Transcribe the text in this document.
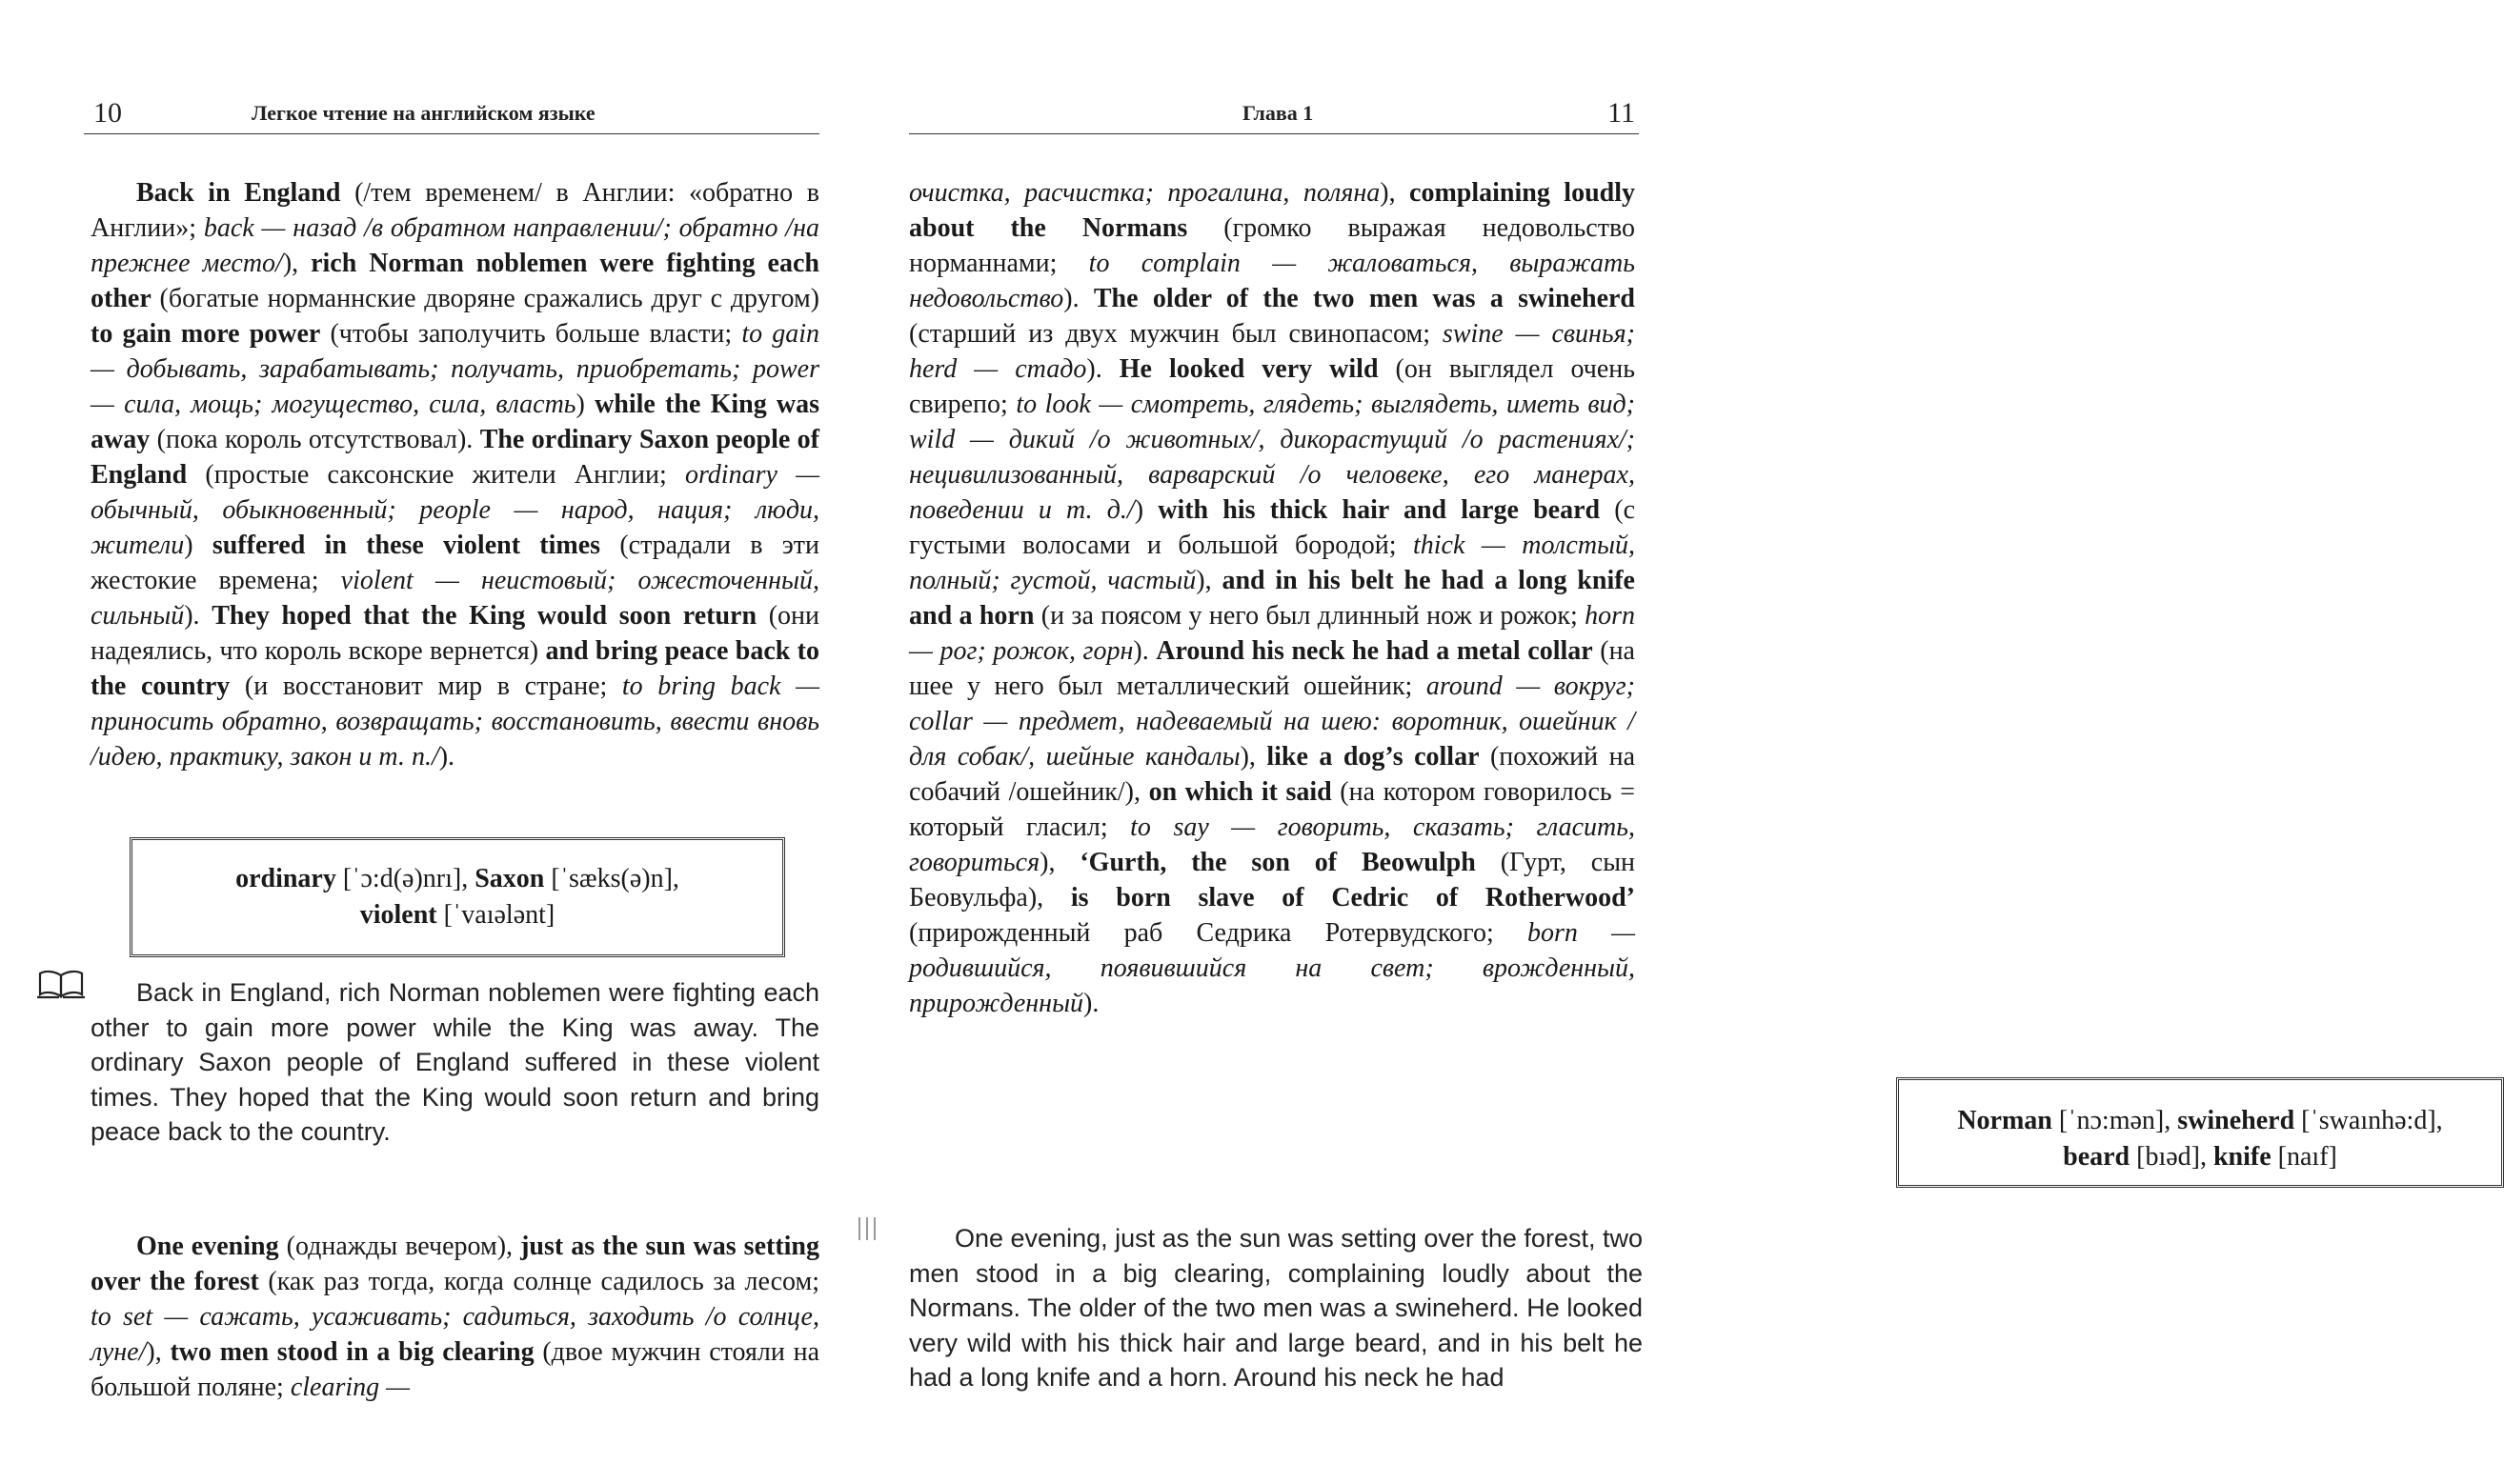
10	Легкое чтение на английском языке

Back in England (/тем временем/ в Англии: «обратно в Англии»; back — назад /в обратном направлении/; обратно /на прежнее место/), rich Norman noblemen were fighting each other (богатые норманнские дворяне сражались друг с другом) to gain more power (чтобы заполучить больше власти; to gain — добывать, зарабатывать; получать, приобретать; power — сила, мощь; могущество, сила, власть) while the King was away (пока король отсутствовал). The ordinary Saxon people of England (простые саксонские жители Англии; ordinary — обычный, обыкновенный; people — народ, нация; люди, жители) suffered in these violent times (страдали в эти жестокие времена; violent — неистовый; ожесточенный, сильный). They hoped that the King would soon return (они надеялись, что король вскоре вернется) and bring peace back to the country (и восстановит мир в стране; to bring back — приносить обратно, возвращать; восстановить, ввести вновь /идею, практику, закон и т. п./).

ordinary [ˈɔ:d(ə)nrı], Saxon [ˈsæks(ə)n],
violent [ˈvaıələnt]

Back in England, rich Norman noblemen were fighting each other to gain more power while the King was away. The ordinary Saxon people of England suffered in these violent times. They hoped that the King would soon return and bring peace back to the country.

One evening (однажды вечером), just as the sun was setting over the forest (как раз тогда, когда солнце садилось за лесом; to set — сажать, усаживать; садиться, заходить /о солнце, луне/), two men stood in a big clearing (двое мужчин стояли на большой поляне; clearing —

Глава 1	11

очистка, расчистка; прогалина, поляна), complaining loudly about the Normans (громко выражая недовольство норманнами; to complain — жаловаться, выражать недовольство). The older of the two men was a swineherd (старший из двух мужчин был свинопасом; swine — свинья; herd — стадо). He looked very wild (он выглядел очень свирепо; to look — смотреть, глядеть; выглядеть, иметь вид; wild — дикий /о животных/, дикорастущий /о растениях/; нецивилизованный, варварский /о человеке, его манерах, поведении и т. д./) with his thick hair and large beard (с густыми волосами и большой бородой; thick — толстый, полный; густой, частый), and in his belt he had a long knife and a horn (и за поясом у него был длинный нож и рожок; horn — рог; рожок, горн). Around his neck he had a metal collar (на шее у него был металлический ошейник; around — вокруг; collar — предмет, надеваемый на шею: воротник, ошейник /для собак/, шейные кандалы), like a dog’s collar (похожий на собачий /ошейник/), on which it said (на котором говорилось = который гласил; to say — говорить, сказать; гласить, говориться), ‘Gurth, the son of Beowulph (Гурт, сын Беовульфа), is born slave of Cedric of Rotherwood’ (прирожденный раб Седрика Ротервудского; born — родившийся, появившийся на свет; врожденный, прирожденный).

Norman [ˈnɔ:mən], swineherd [ˈswaınhə:d],
beard [bıəd], knife [naıf]

One evening, just as the sun was setting over the forest, two men stood in a big clearing, complaining loudly about the Normans. The older of the two men was a swineherd. He looked very wild with his thick hair and large beard, and in his belt he had a long knife and a horn. Around his neck he had
